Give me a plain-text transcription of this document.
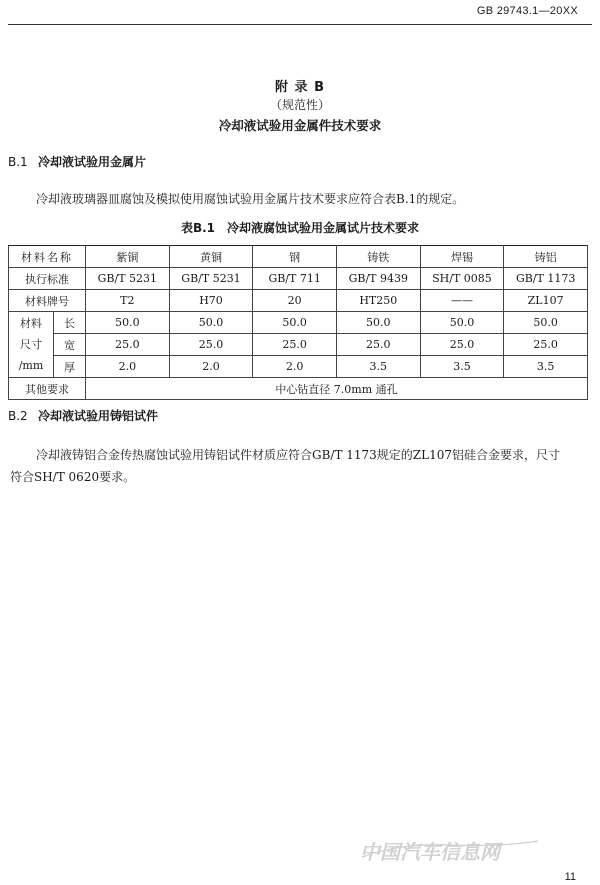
GB 29743.1—20XX
附 录 B
（规范性）
冷却液试验用金属件技术要求
B.1 冷却液试验用金属片
冷却液玻璃器皿腐蚀及模拟使用腐蚀试验用金属片技术要求应符合表B.1的规定。
表B.1　冷却液腐蚀试验用金属试片技术要求
材料名称		紫铜	黄铜	钢	铸铁	焊锡	铸铝
执行标准		GB/T 5231	GB/T 5231	GB/T 711	GB/T 9439	SH/T 0085	GB/T 1173
材料牌号		T2	H70	20	HT250	——	ZL107

材料
尺寸
/mm	长	50.0	50.0	50.0	50.0	50.0	50.0
	宽	25.0	25.0	25.0	25.0	25.0	25.0
	厚	2.0	2.0	2.0	3.5	3.5	3.5
其他要求		中心钻直径 7.0mm 通孔					
B.2 冷却液试验用铸铝试件
冷却液铸铝合金传热腐蚀试验用铸铝试件材质应符合GB/T 1173规定的ZL107铝硅合金要求，尺寸符合SH/T 0620要求。
中国汽车信息网
11
